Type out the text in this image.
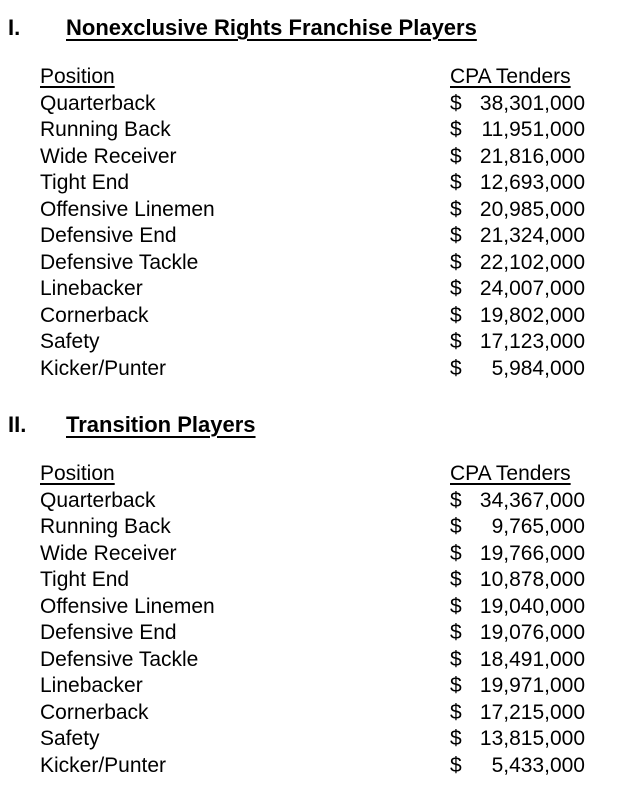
I.	Nonexclusive Rights Franchise Players
Position	CPA Tenders
Quarterback	$ 38,301,000
Running Back	$ 11,951,000
Wide Receiver	$ 21,816,000
Tight End	$ 12,693,000
Offensive Linemen	$ 20,985,000
Defensive End	$ 21,324,000
Defensive Tackle	$ 22,102,000
Linebacker	$ 24,007,000
Cornerback	$ 19,802,000
Safety	$ 17,123,000
Kicker/Punter	$	5,984,000
II.	Transition Players
Position	CPA Tenders
Quarterback	$ 34,367,000
Running Back	$	9,765,000
Wide Receiver	$ 19,766,000
Tight End	$ 10,878,000
Offensive Linemen	$ 19,040,000
Defensive End	$ 19,076,000
Defensive Tackle	$ 18,491,000
Linebacker	$ 19,971,000
Cornerback	$ 17,215,000
Safety	$ 13,815,000
Kicker/Punter	$	5,433,000
